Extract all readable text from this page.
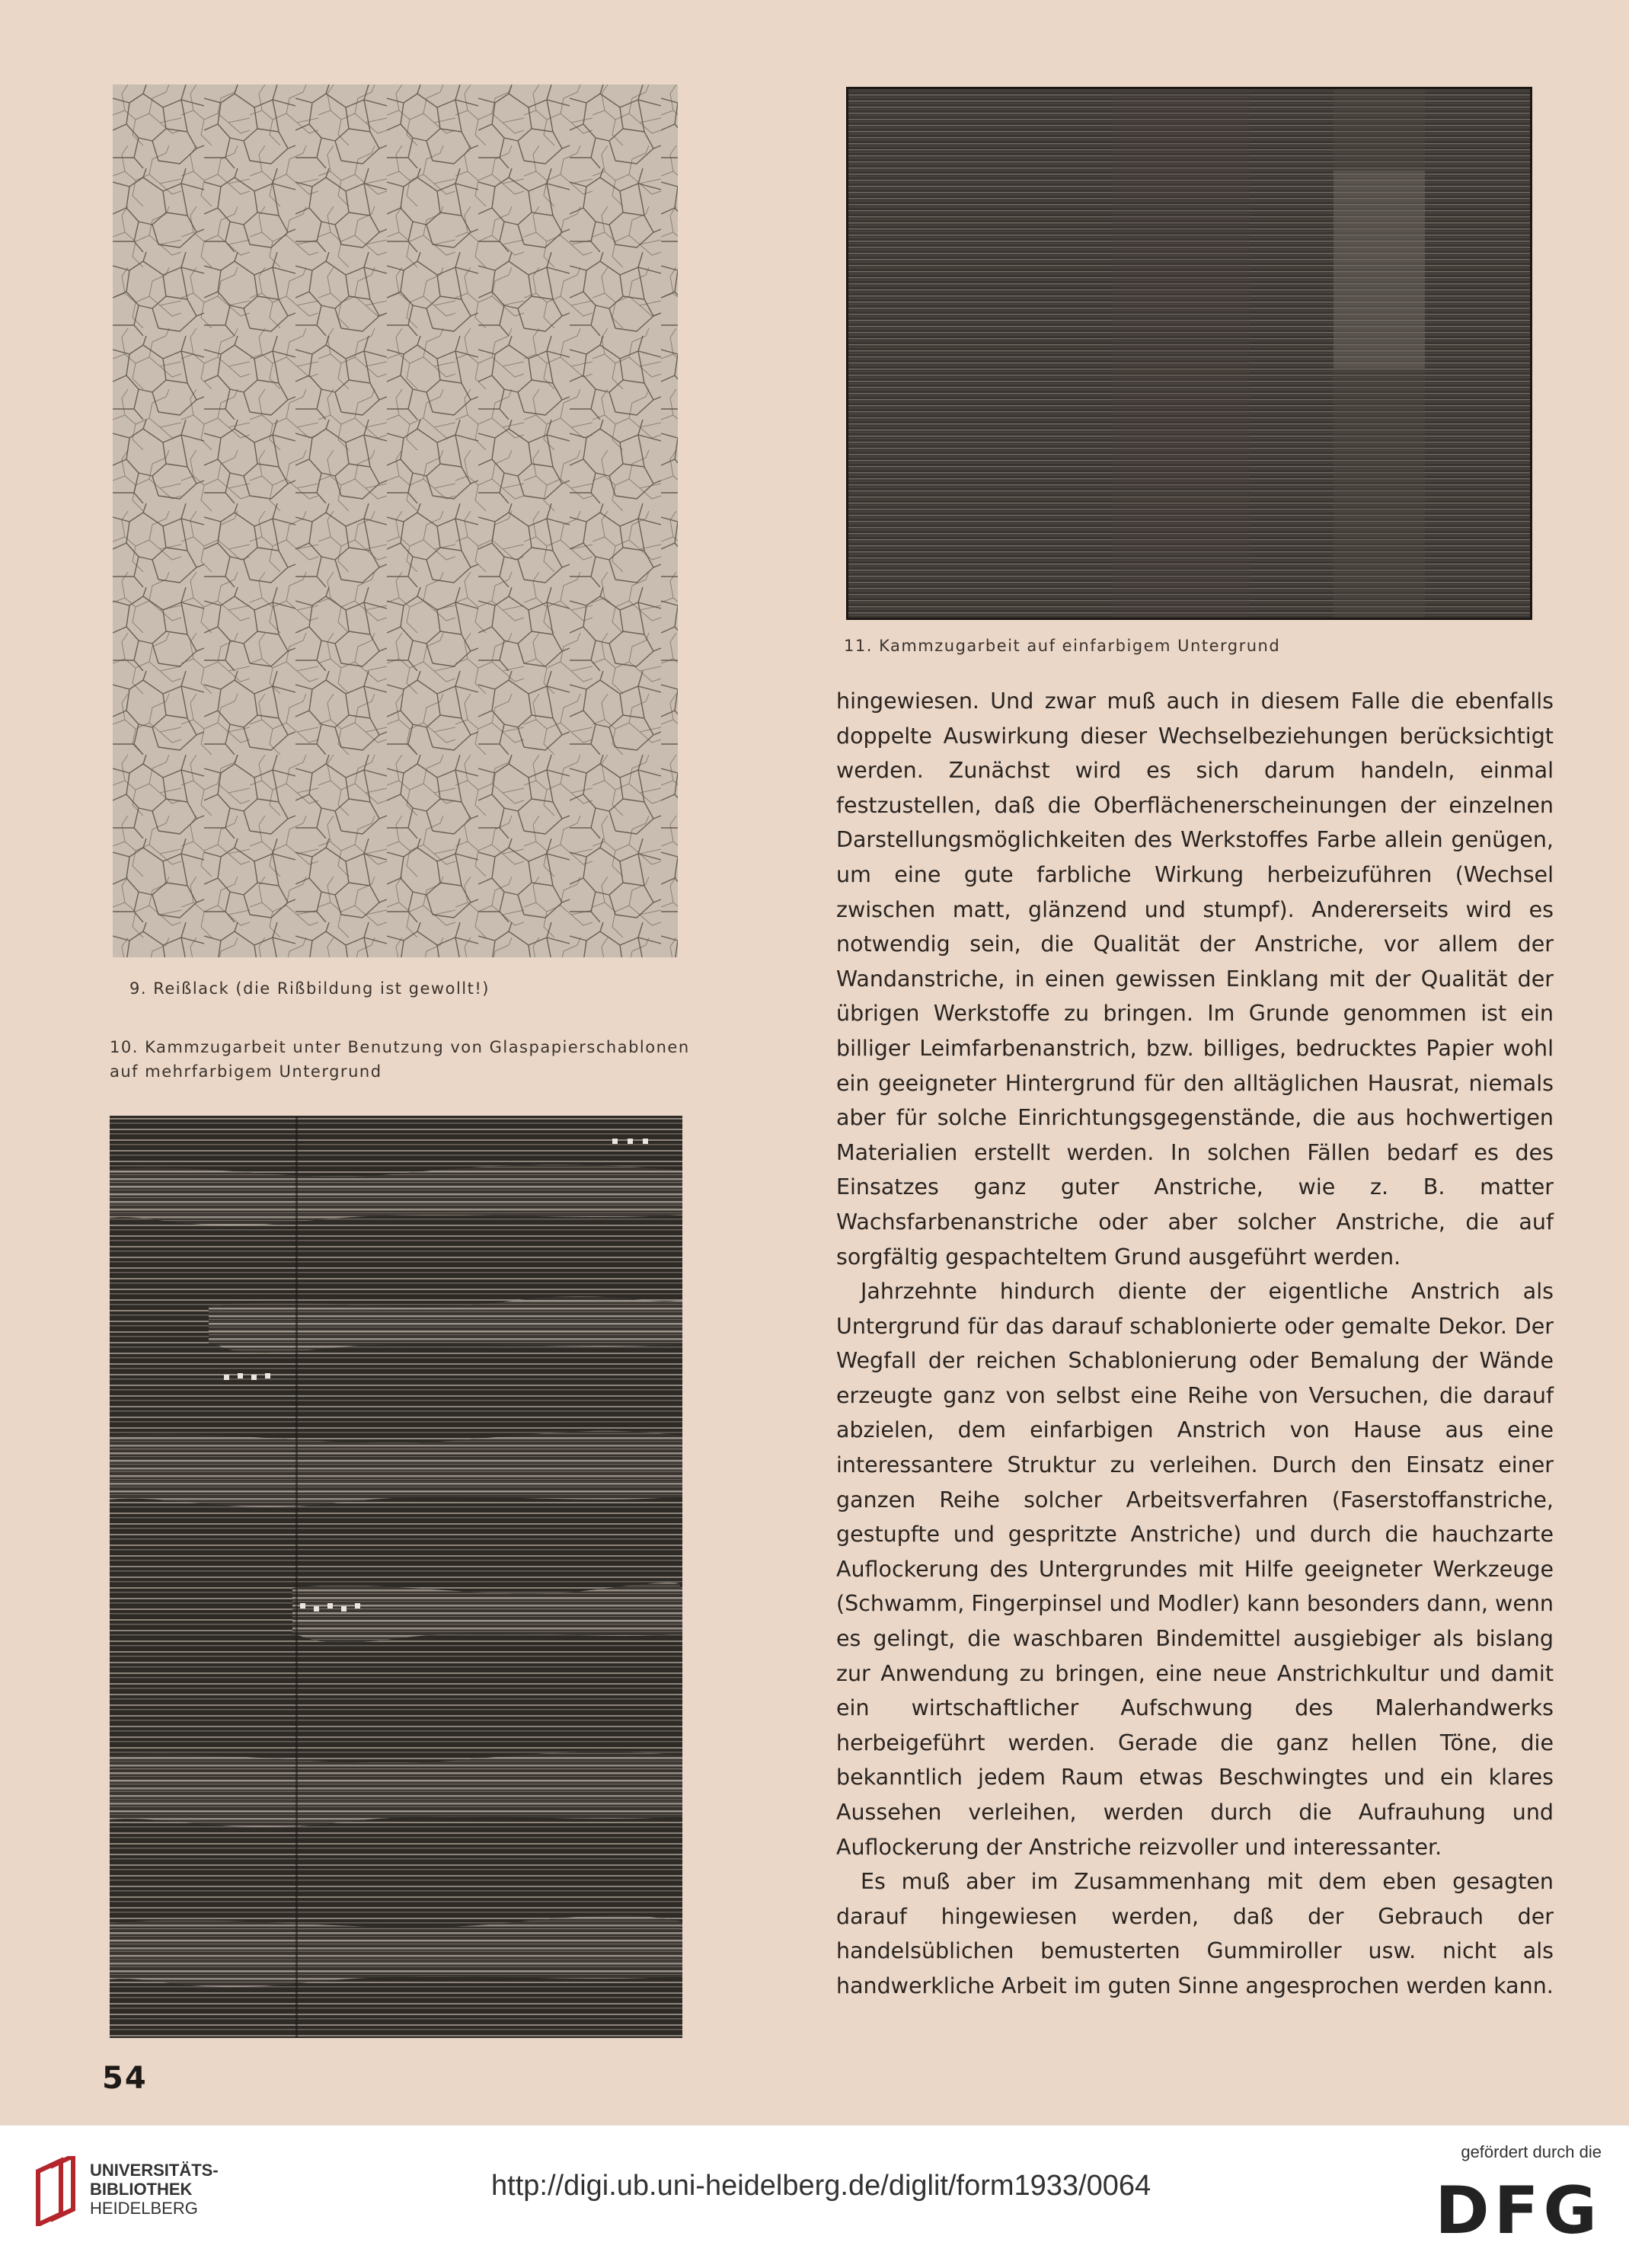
9. Reißlack (die Rißbildung ist gewollt!)
10. Kammzugarbeit unter Benutzung von Glaspapierschablonen
auf mehrfarbigem Untergrund
11. Kammzugarbeit auf einfarbigem Untergrund

hingewiesen. Und zwar muß auch in diesem Falle die ebenfalls doppelte Auswirkung dieser Wechselbeziehungen berücksichtigt werden. Zunächst wird es sich darum handeln, einmal festzustellen, daß die Oberflächenerscheinungen der einzelnen Darstellungsmöglichkeiten des Werkstoffes Farbe allein genügen, um eine gute farbliche Wirkung herbeizuführen (Wechsel zwischen matt, glänzend und stumpf). Andererseits wird es notwendig sein, die Qualität der Anstriche, vor allem der Wandanstriche, in einen gewissen Einklang mit der Qualität der übrigen Werkstoffe zu bringen. Im Grunde genommen ist ein billiger Leimfarbenanstrich, bzw. billiges, bedrucktes Papier wohl ein geeigneter Hintergrund für den alltäglichen Hausrat, niemals aber für solche Einrichtungsgegenstände, die aus hochwertigen Materialien erstellt werden. In solchen Fällen bedarf es des Einsatzes ganz guter Anstriche, wie z. B. matter Wachsfarbenanstriche oder aber solcher Anstriche, die auf sorgfältig gespachteltem Grund ausgeführt werden.

Jahrzehnte hindurch diente der eigentliche Anstrich als Untergrund für das darauf schablonierte oder gemalte Dekor. Der Wegfall der reichen Schablonierung oder Bemalung der Wände erzeugte ganz von selbst eine Reihe von Versuchen, die darauf abzielen, dem einfarbigen Anstrich von Hause aus eine interessantere Struktur zu verleihen. Durch den Einsatz einer ganzen Reihe solcher Arbeitsverfahren (Faserstoffanstriche, gestupfte und gespritzte Anstriche) und durch die hauchzarte Auflockerung des Untergrundes mit Hilfe geeigneter Werkzeuge (Schwamm, Fingerpinsel und Modler) kann besonders dann, wenn es gelingt, die waschbaren Bindemittel ausgiebiger als bislang zur Anwendung zu bringen, eine neue Anstrichkultur und damit ein wirtschaftlicher Aufschwung des Malerhandwerks herbeigeführt werden. Gerade die ganz hellen Töne, die bekanntlich jedem Raum etwas Beschwingtes und ein klares Aussehen verleihen, werden durch die Aufrauhung und Auflockerung der Anstriche reizvoller und interessanter.

Es muß aber im Zusammenhang mit dem eben gesagten darauf hingewiesen werden, daß der Gebrauch der handelsüblichen bemusterten Gummiroller usw. nicht als handwerkliche Arbeit im guten Sinne angesprochen werden kann.

54
UNIVERSITÄTS-
BIBLIOTHEK
HEIDELBERG
http://digi.ub.uni-heidelberg.de/diglit/form1933/0064
gefördert durch die
DFG
